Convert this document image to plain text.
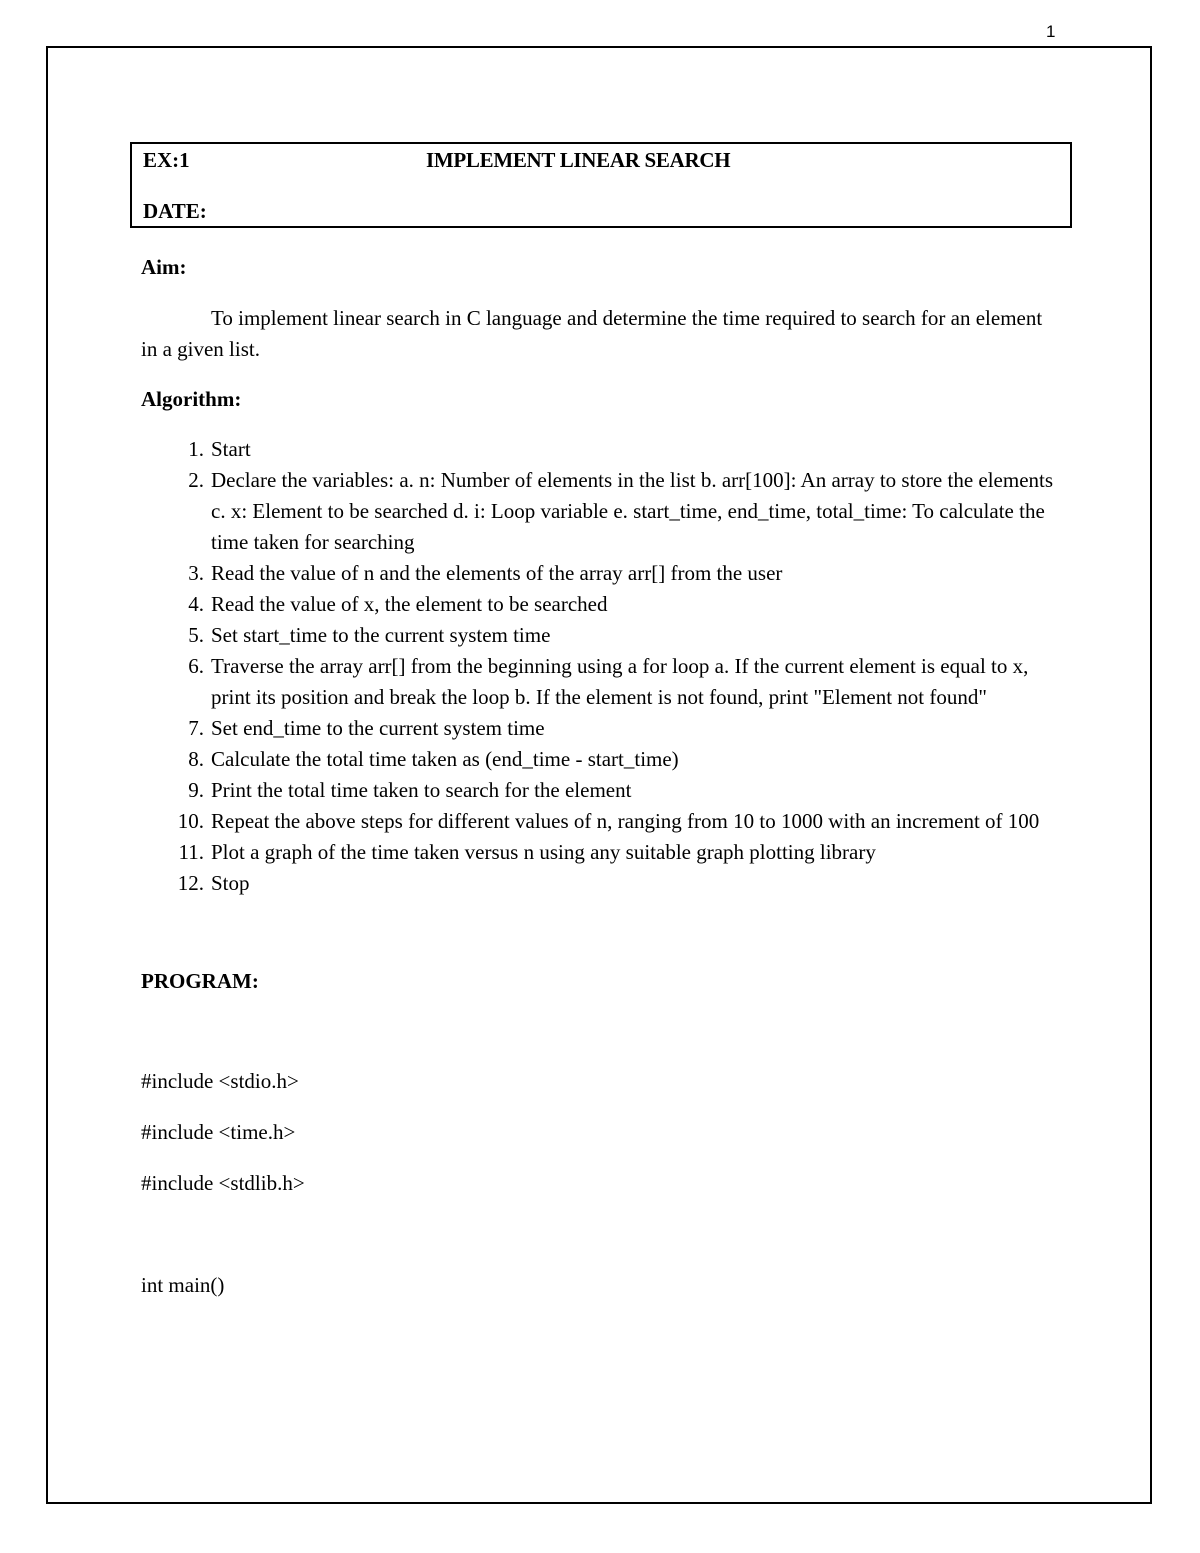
1
EX:1	IMPLEMENT LINEAR SEARCH
DATE:

Aim:

To implement linear search in C language and determine the time required to search for an element in a given list.

Algorithm:

1. Start
2. Declare the variables: a. n: Number of elements in the list b. arr[100]: An array to store the elements c. x: Element to be searched d. i: Loop variable e. start_time, end_time, total_time: To calculate the time taken for searching
3. Read the value of n and the elements of the array arr[] from the user
4. Read the value of x, the element to be searched
5. Set start_time to the current system time
6. Traverse the array arr[] from the beginning using a for loop a. If the current element is equal to x, print its position and break the loop b. If the element is not found, print "Element not found"
7. Set end_time to the current system time
8. Calculate the total time taken as (end_time - start_time)
9. Print the total time taken to search for the element
10. Repeat the above steps for different values of n, ranging from 10 to 1000 with an increment of 100
11. Plot a graph of the time taken versus n using any suitable graph plotting library
12. Stop

PROGRAM:

#include <stdio.h>

#include <time.h>

#include <stdlib.h>

int main()
